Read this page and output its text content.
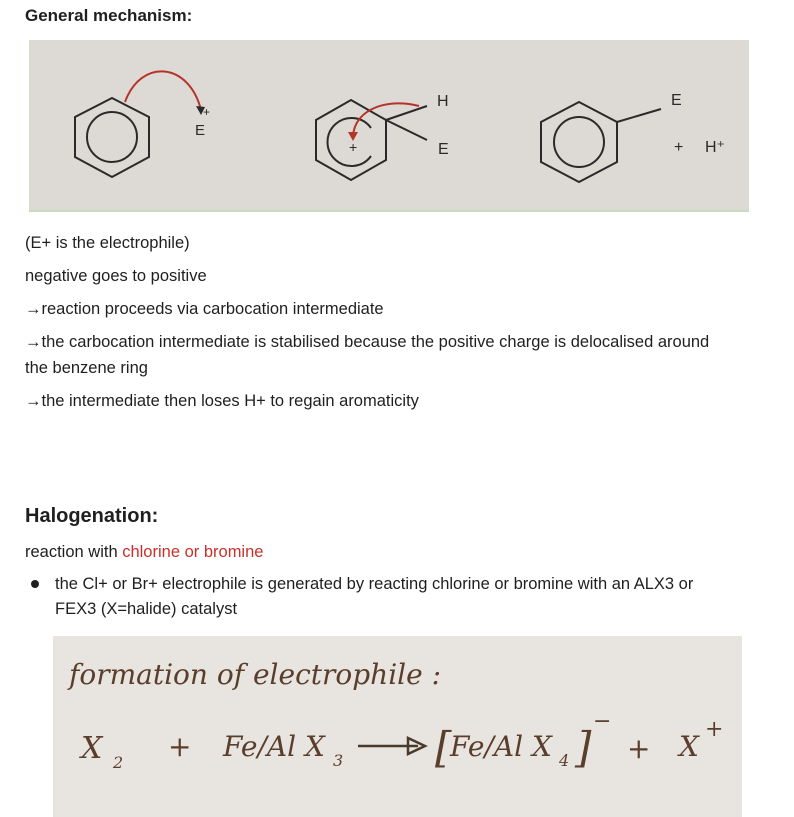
General mechanism:
+
E
+
H
E
E
+ H⁺
(E+ is the electrophile)
negative goes to positive
→reaction proceeds via carbocation intermediate
→the carbocation intermediate is stabilised because the positive charge is delocalised around
the benzene ring
→the intermediate then loses H+ to regain aromaticity
Halogenation:
reaction with chlorine or bromine
the Cl+ or Br+ electrophile is generated by reacting chlorine or bromine with an ALX3 or
FEX3 (X=halide) catalyst
formation of electrophile :
X 2 + Fe/Al X 3 [
Fe/Al X 4 ]
−
+ X
+
